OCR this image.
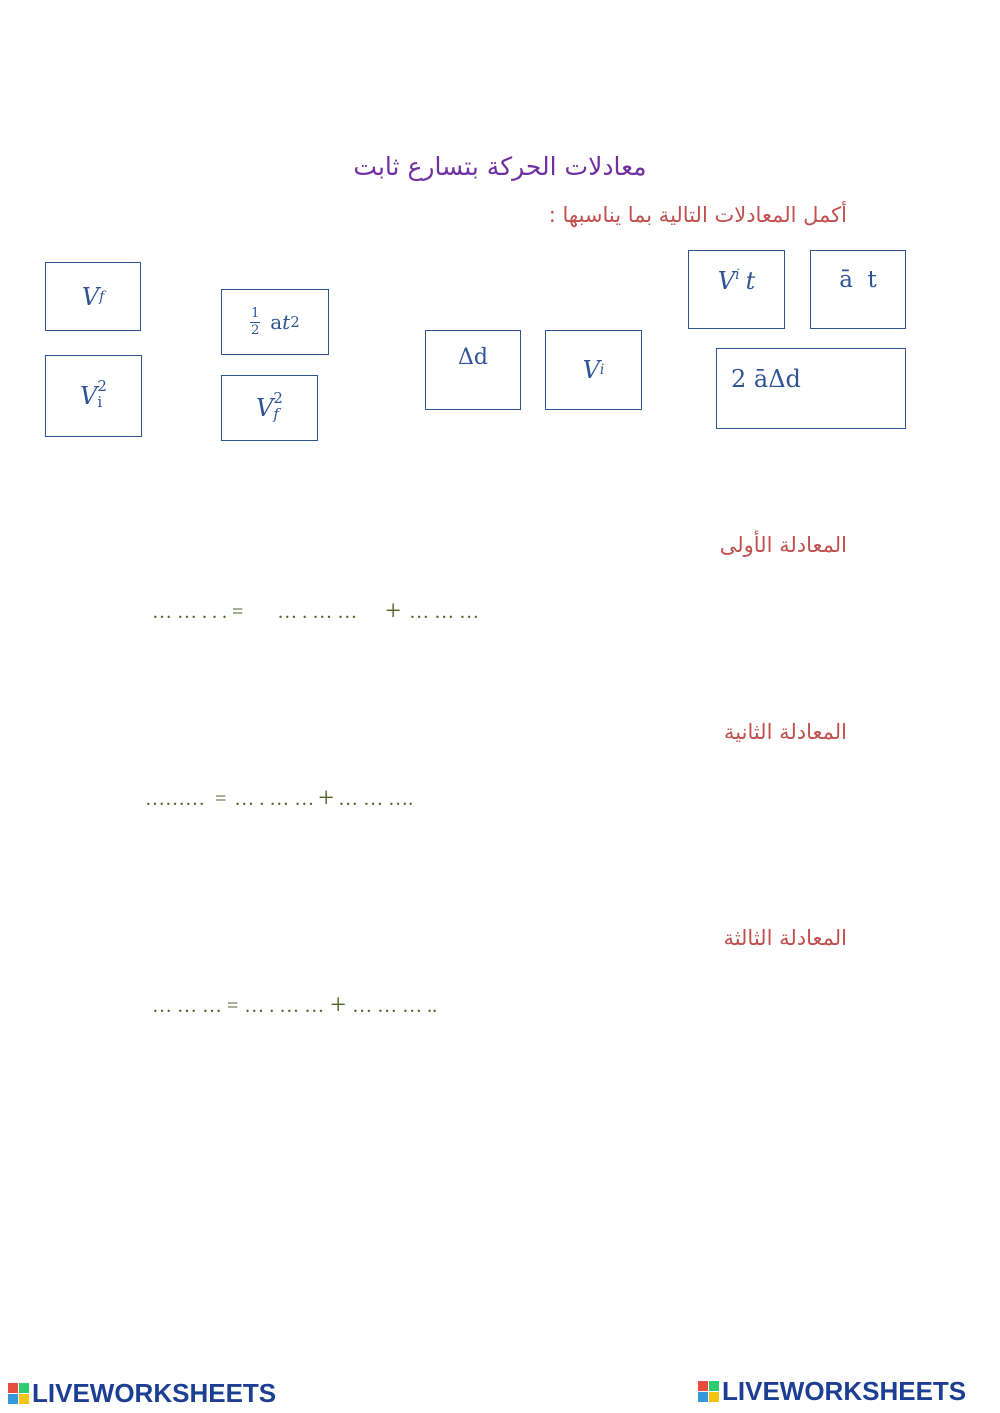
معادلات الحركة بتسارع ثابت
أكمل المعادلات التالية بما يناسبها :
V f
V 2
i
$\frac{1}{2}$ a t 2
V 2
f
Δd	V i
V $^i$ t	ā  t
2 āΔd
المعادلة الأولى
… … . . . = … . … … + … … …
المعادلة الثانية
………  = … . … … + … … ….
المعادلة الثالثة
… … … = … . … … + … … … ..
LIVEWORKSHEETS	LIVEWORKSHEETS
